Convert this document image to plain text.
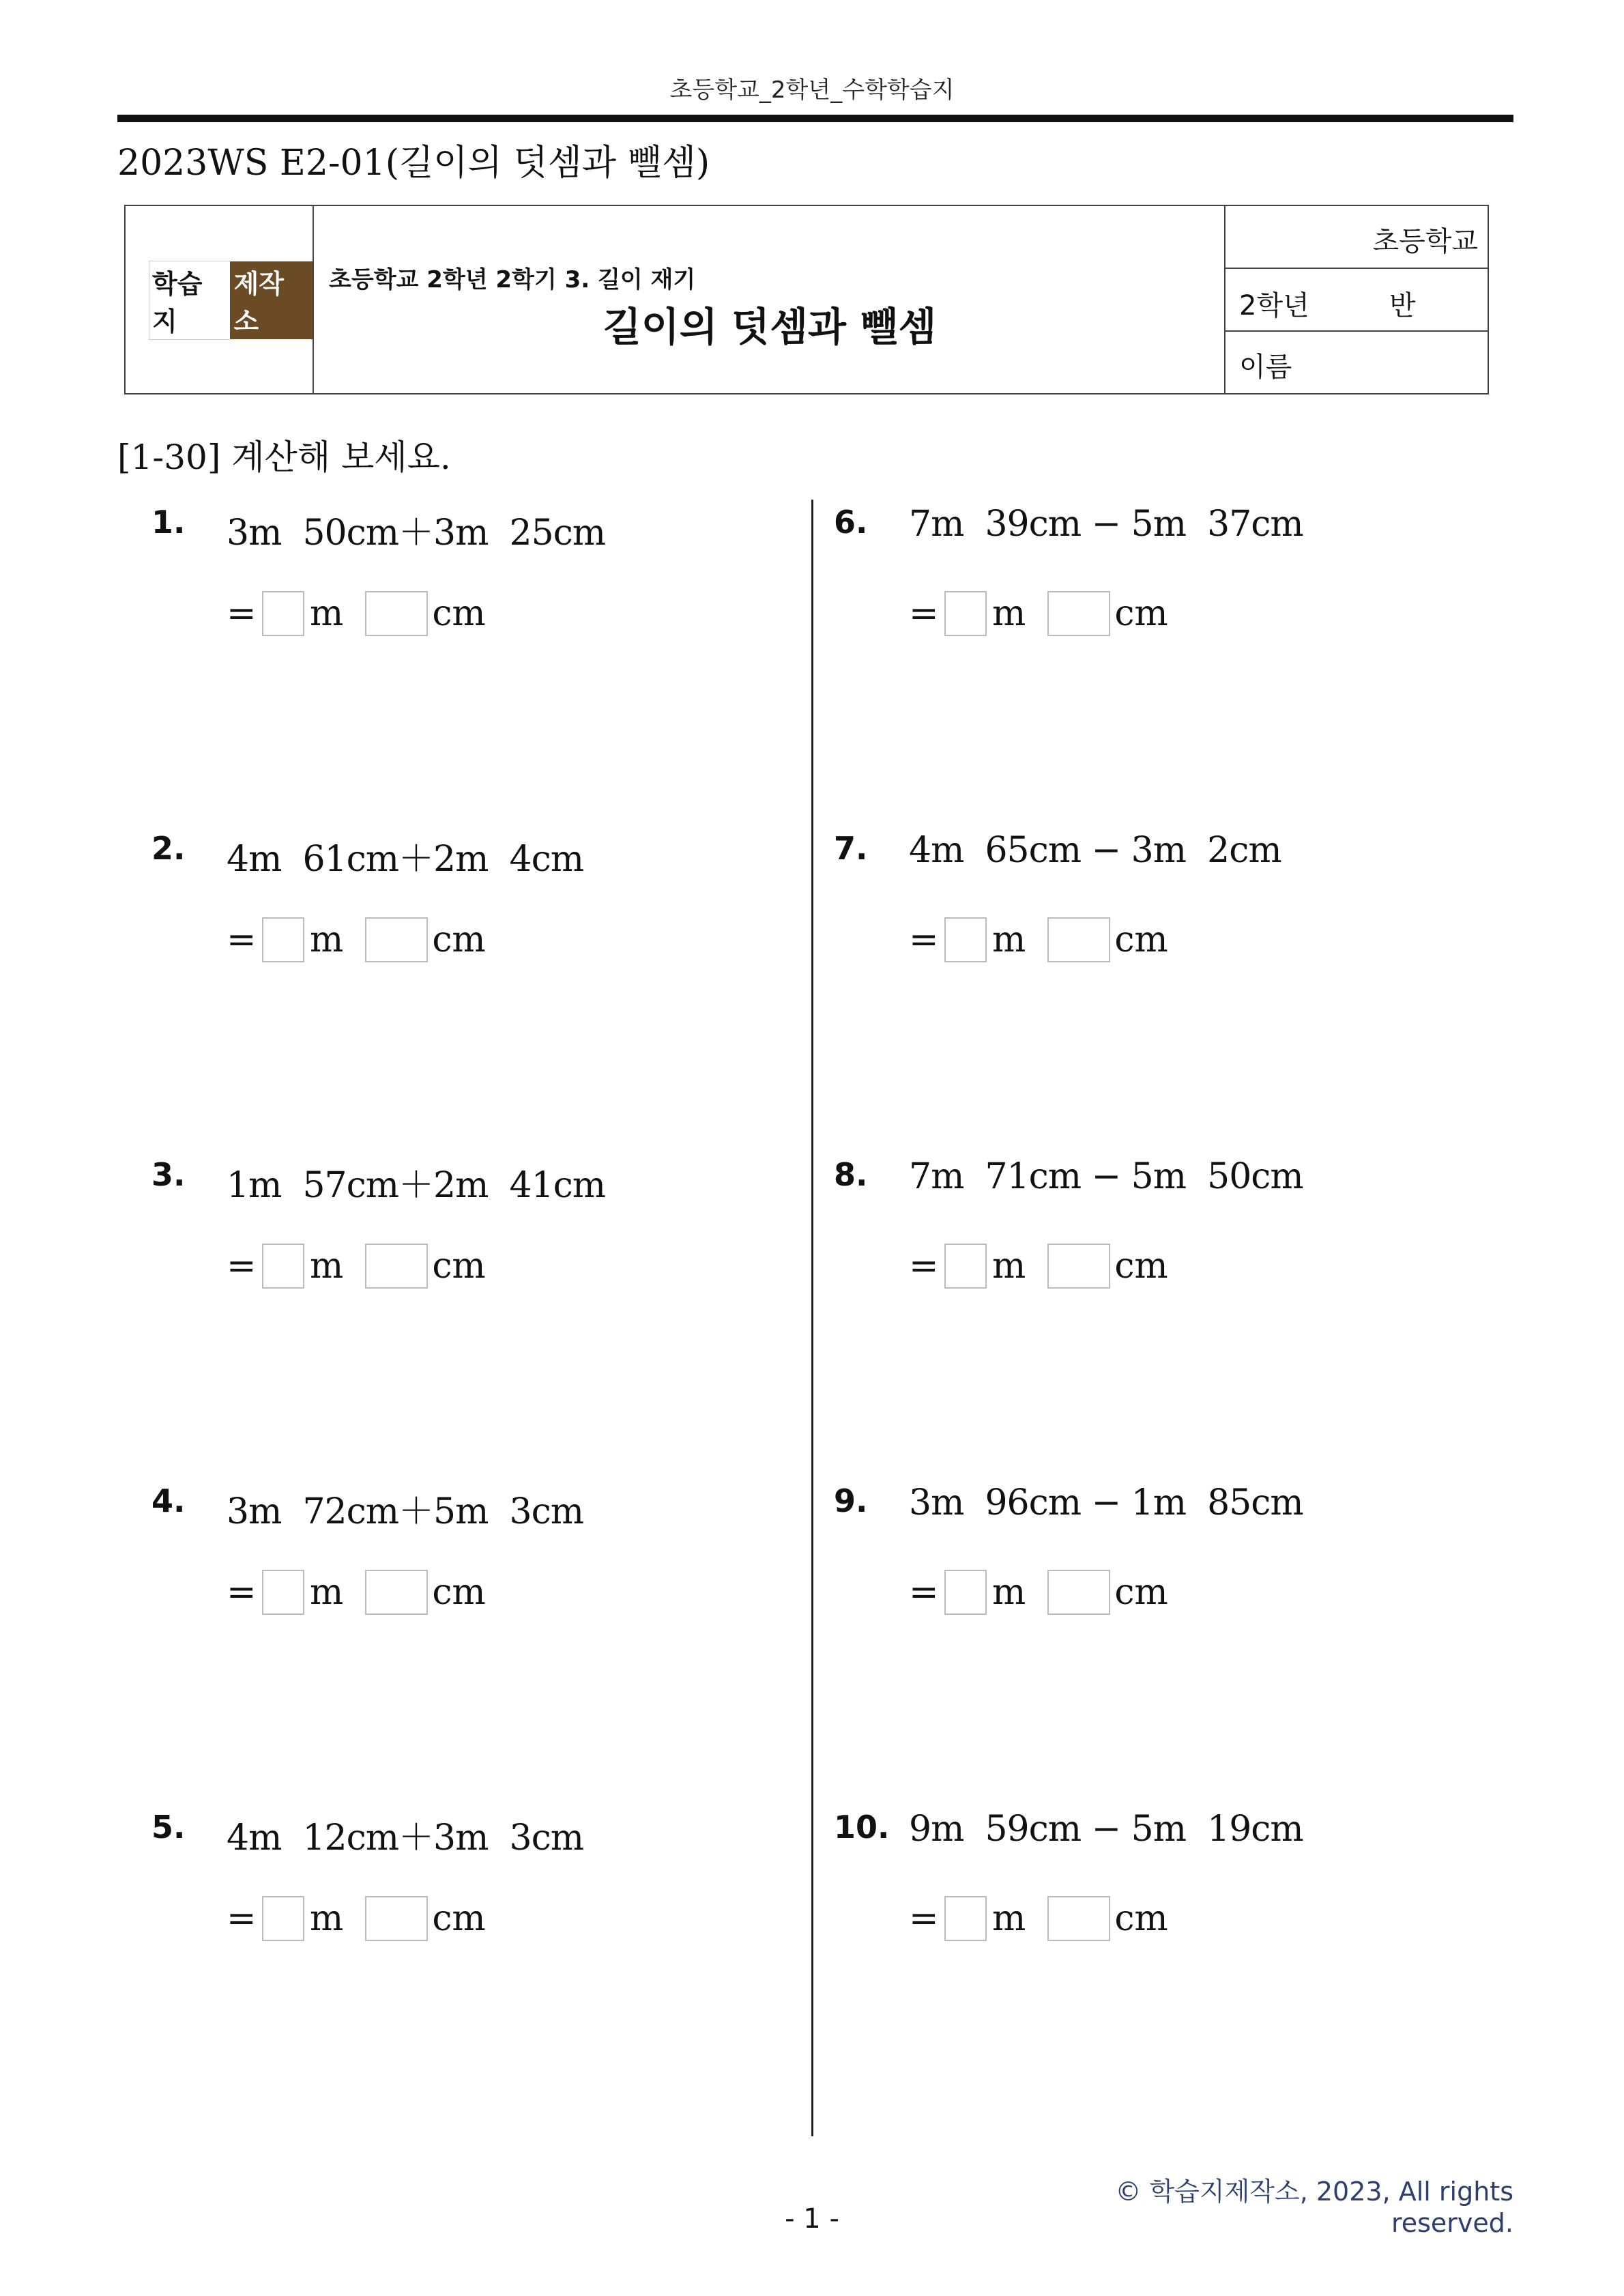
초등학교_2학년_수학학습지
2023WS E2-01(길이의 덧셈과 뺄셈)
학습지
제작소
초등학교 2학년 2학기 3. 길이 재기
길이의 덧셈과 뺄셈
초등학교
2학년	반
이름
[1-30] 계산해 보세요.
1. 3m  50cm＋3m  25cm
= m	cm
2. 4m  61cm＋2m  4cm
= m	cm
3. 1m  57cm＋2m  41cm
= m	cm
4. 3m  72cm＋5m  3cm
= m	cm
5. 4m  12cm＋3m  3cm
= m	cm
6. 7m  39cm − 5m  37cm
= m	cm
7. 4m  65cm − 3m  2cm
= m	cm
8. 7m  71cm − 5m  50cm
= m	cm
9. 3m  96cm − 1m  85cm
= m	cm
10. 9m  59cm − 5m  19cm
= m	cm
© 학습지제작소, 2023, All rights reserved.
- 1 -
